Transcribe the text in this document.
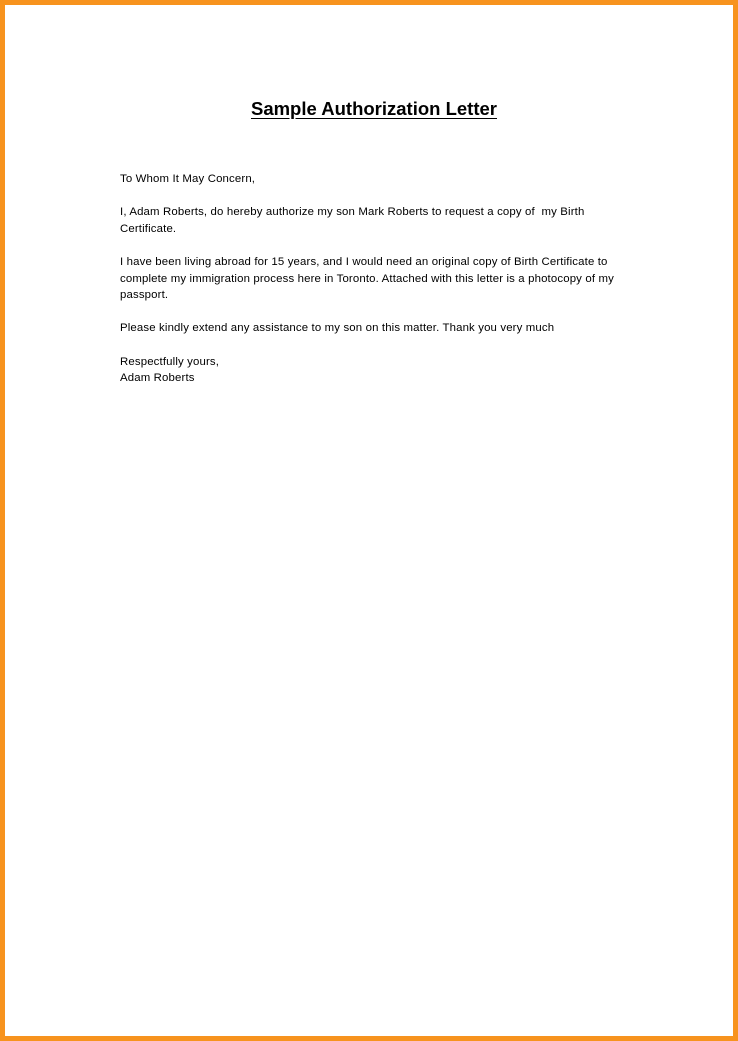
Sample Authorization Letter

To Whom It May Concern,

I, Adam Roberts, do hereby authorize my son Mark Roberts to request a copy of  my Birth Certificate.

I have been living abroad for 15 years, and I would need an original copy of Birth Certificate to complete my immigration process here in Toronto. Attached with this letter is a photocopy of my passport.

Please kindly extend any assistance to my son on this matter. Thank you very much

Respectfully yours,
Adam Roberts
